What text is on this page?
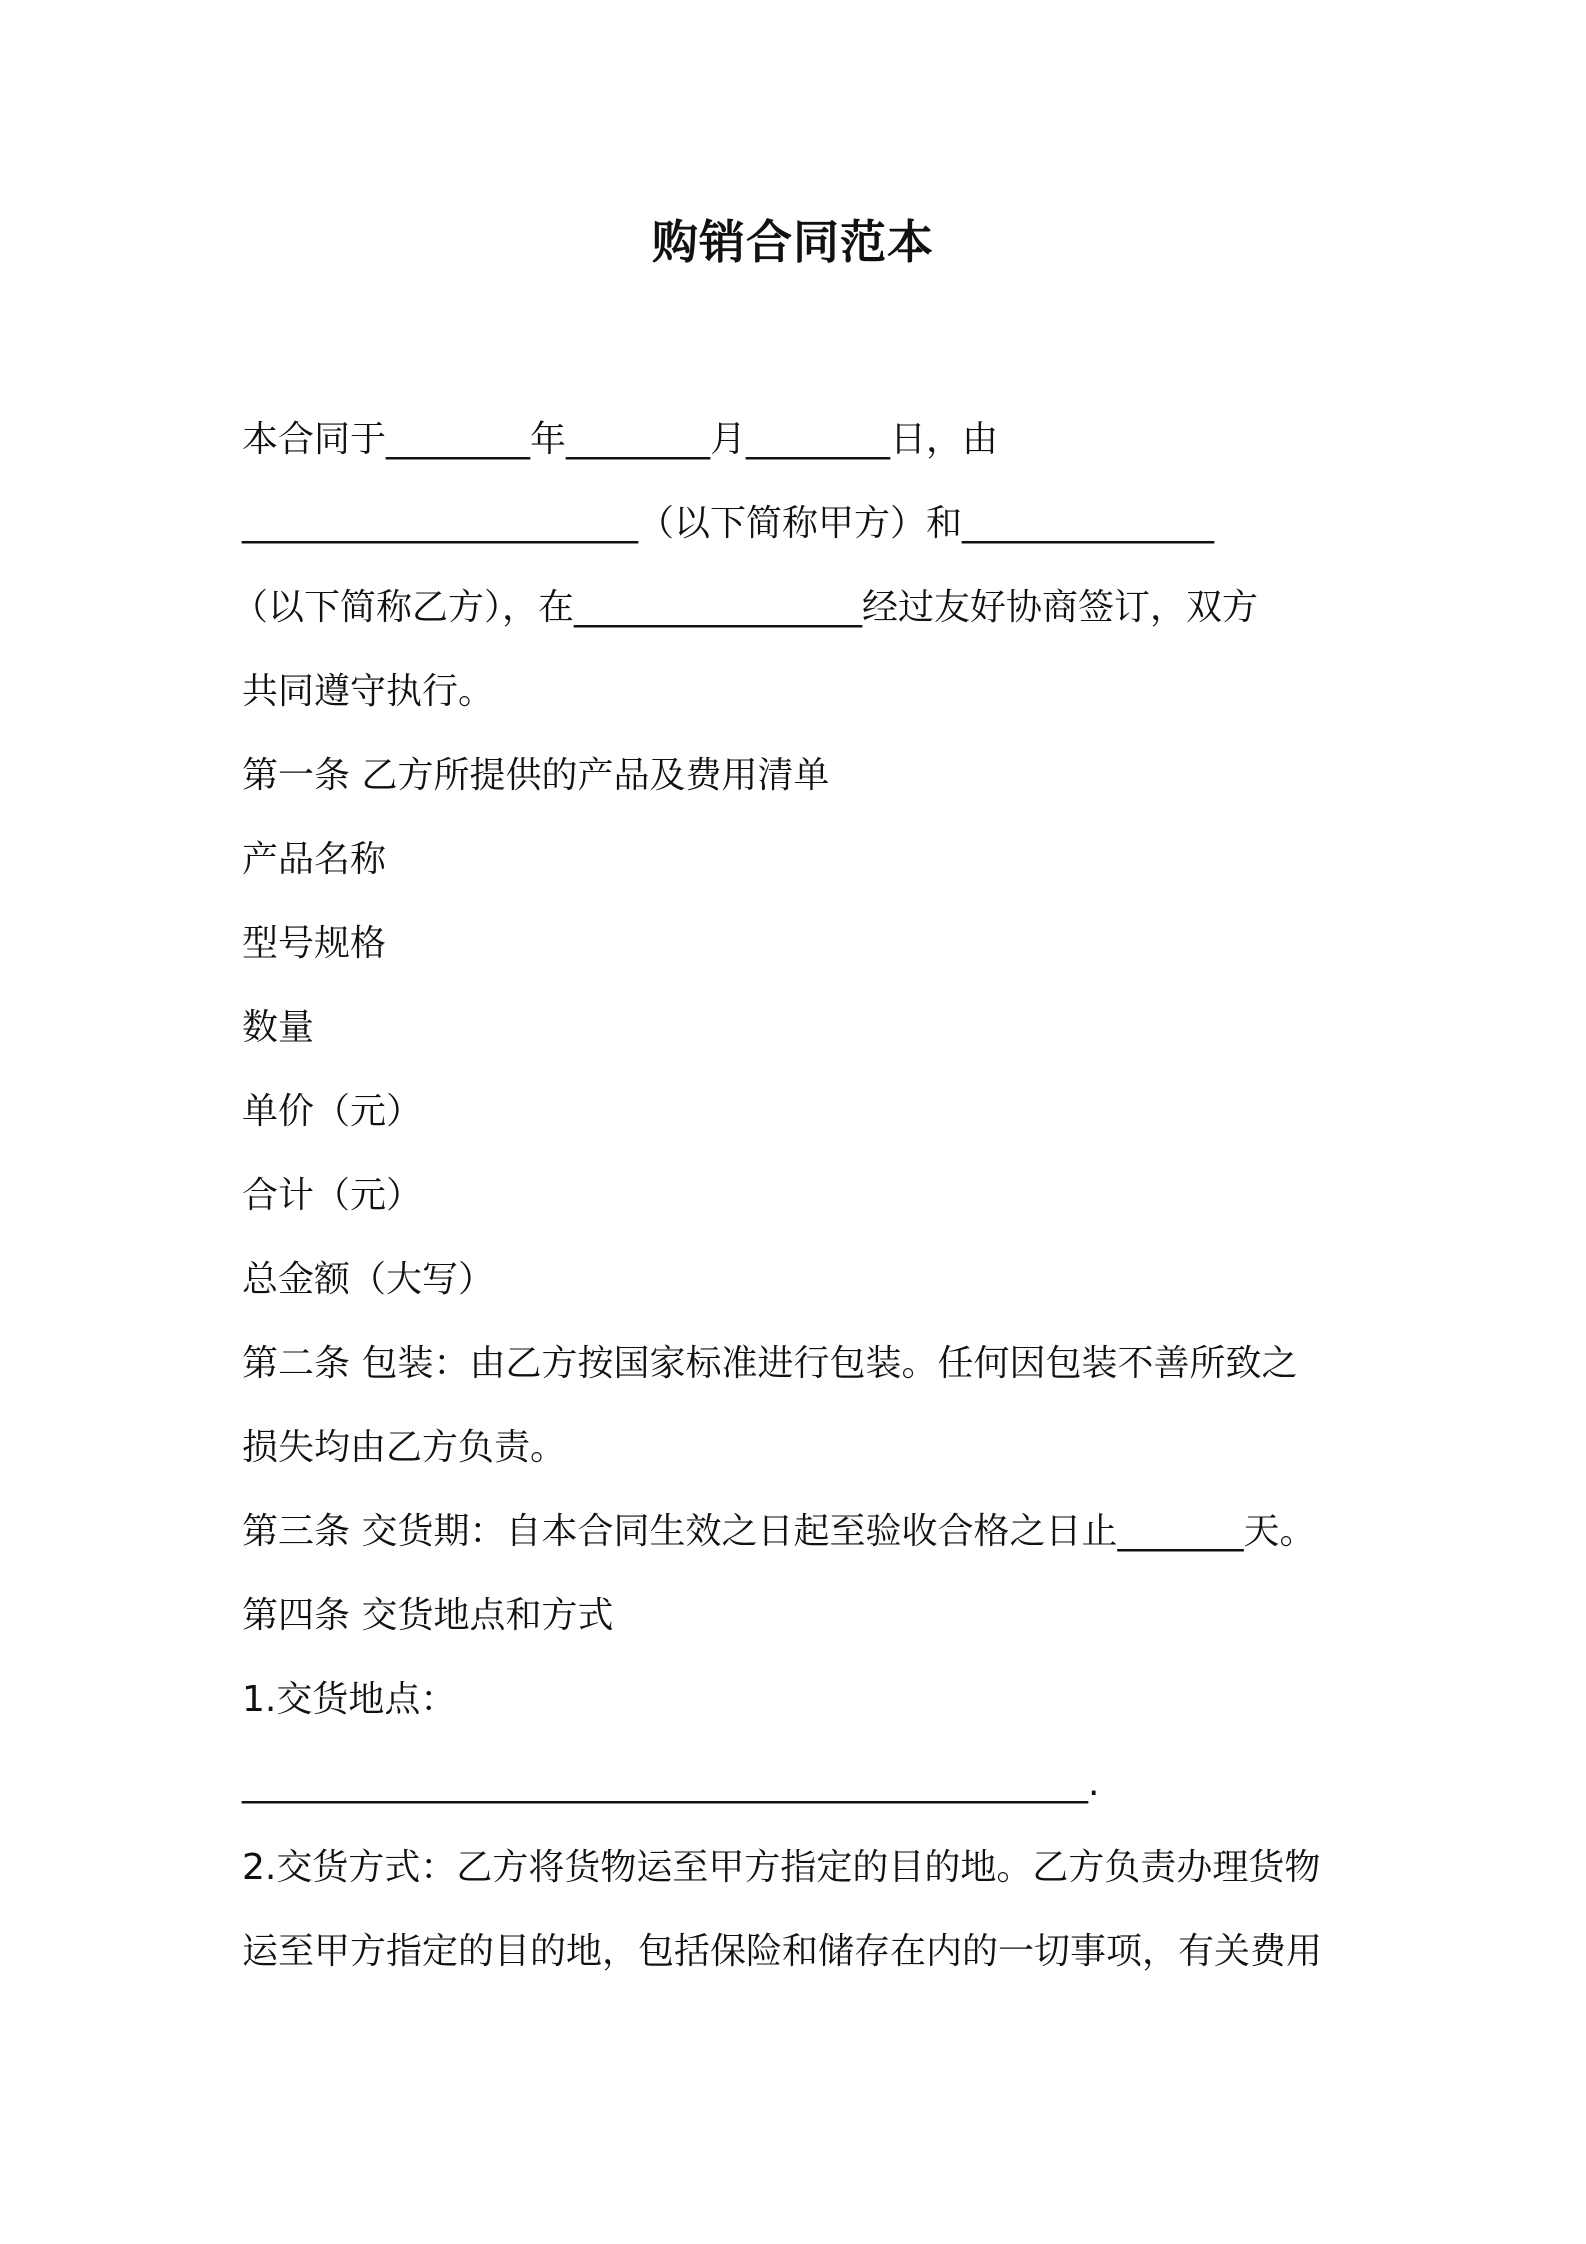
购销合同范本

本合同于________年________月________日，由

______________________（以下简称甲方）和______________

（以下简称乙方），在________________经过友好协商签订，双方

共同遵守执行。

第一条 乙方所提供的产品及费用清单

产品名称

型号规格

数量

单价（元）

合计（元）

总金额（大写）

第二条 包装：由乙方按国家标准进行包装。任何因包装不善所致之

损失均由乙方负责。

第三条 交货期：自本合同生效之日起至验收合格之日止_______天。

第四条 交货地点和方式

1.交货地点：

_______________________________________________.

2.交货方式：乙方将货物运至甲方指定的目的地。乙方负责办理货物

运至甲方指定的目的地，包括保险和储存在内的一切事项，有关费用
